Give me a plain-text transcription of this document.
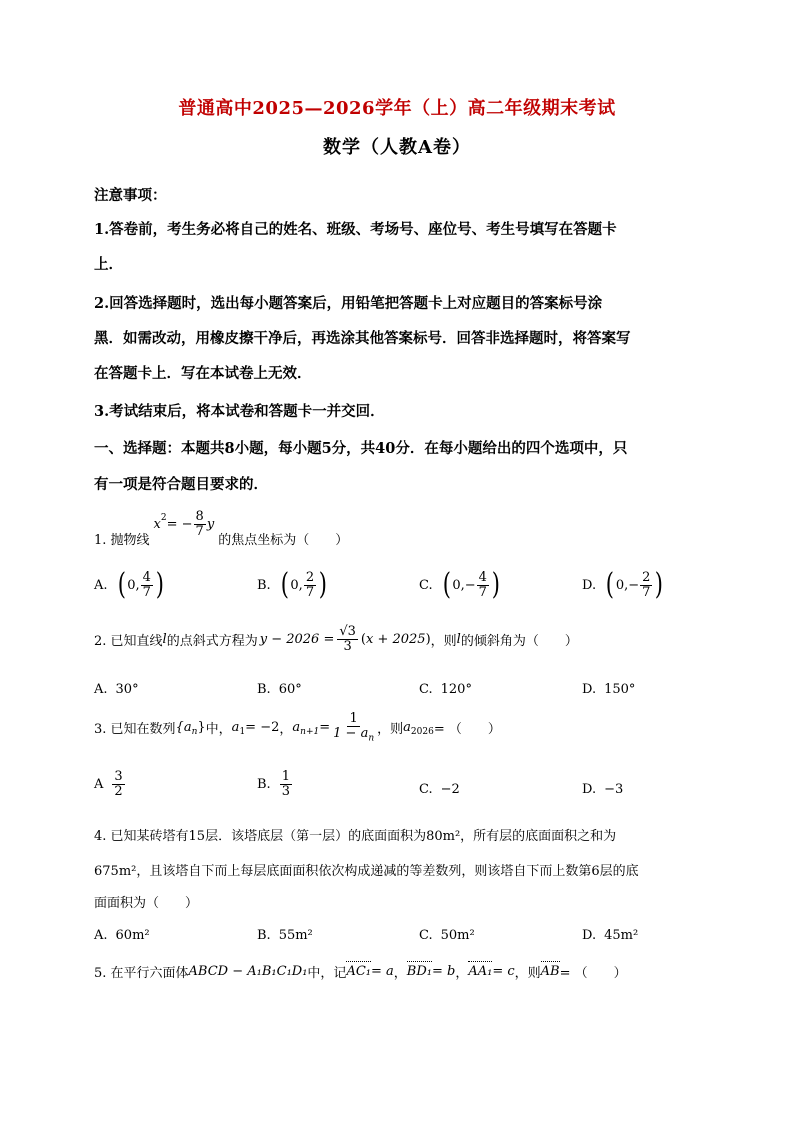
普通高中2025—2026学年（上）高二年级期末考试
数学（人教A卷）
注意事项：
1.答卷前，考生务必将自己的姓名、班级、考场号、座位号、考生号填写在答题卡
上．
2.回答选择题时，选出每小题答案后，用铅笔把答题卡上对应题目的答案标号涂
黑．如需改动，用橡皮擦干净后，再选涂其他答案标号．回答非选择题时，将答案写
在答题卡上．写在本试卷上无效．
3.考试结束后，将本试卷和答题卡一并交回．
一、选择题：本题共8小题，每小题5分，共40分．在每小题给出的四个选项中，只
有一项是符合题目要求的．
1. 抛物线
$x^2$ = − $\frac{8}{7}$ y
的焦点坐标为（　　）
A. ( 0, $\frac{4}{7}$ )	B. ( 0, $\frac{2}{7}$ )	C. ( 0, − $\frac{4}{7}$ )	D. ( 0, − $\frac{2}{7}$ )
2. 已知直线 l 的点斜式方程为 $y - 2026 = \frac{√3}{3}$ ( x + 2025 ) ，则 l 的倾斜角为（　　）
A. 30°	B. 60°	C. 120°	D. 150°
3. 已知在数列 {$a_n$ } 中， $a_1 = -2$ ， $a_{n+1} = \frac{1}{1 - a_n}$ ，则 $a_{2026}$ = （　　）
A $\frac{3}{2}$	B. $\frac{1}{3}$	C. −2	D. −3
4. 已知某砖塔有15层．该塔底层（第一层）的底面面积为80m²，所有层的底面面积之和为
675m²，且该塔自下而上每层底面面积依次构成递减的等差数列，则该塔自下而上数第6层的底
面面积为（　　）
A. 60m²	B. 55m²	C. 50m²	D. 45m²
5. 在平行六面体 ABCD − A₁B₁C₁D₁ 中，记 AC₁ = a ， BD₁ = b ， AA₁ = c ，则 AB = （　　）
